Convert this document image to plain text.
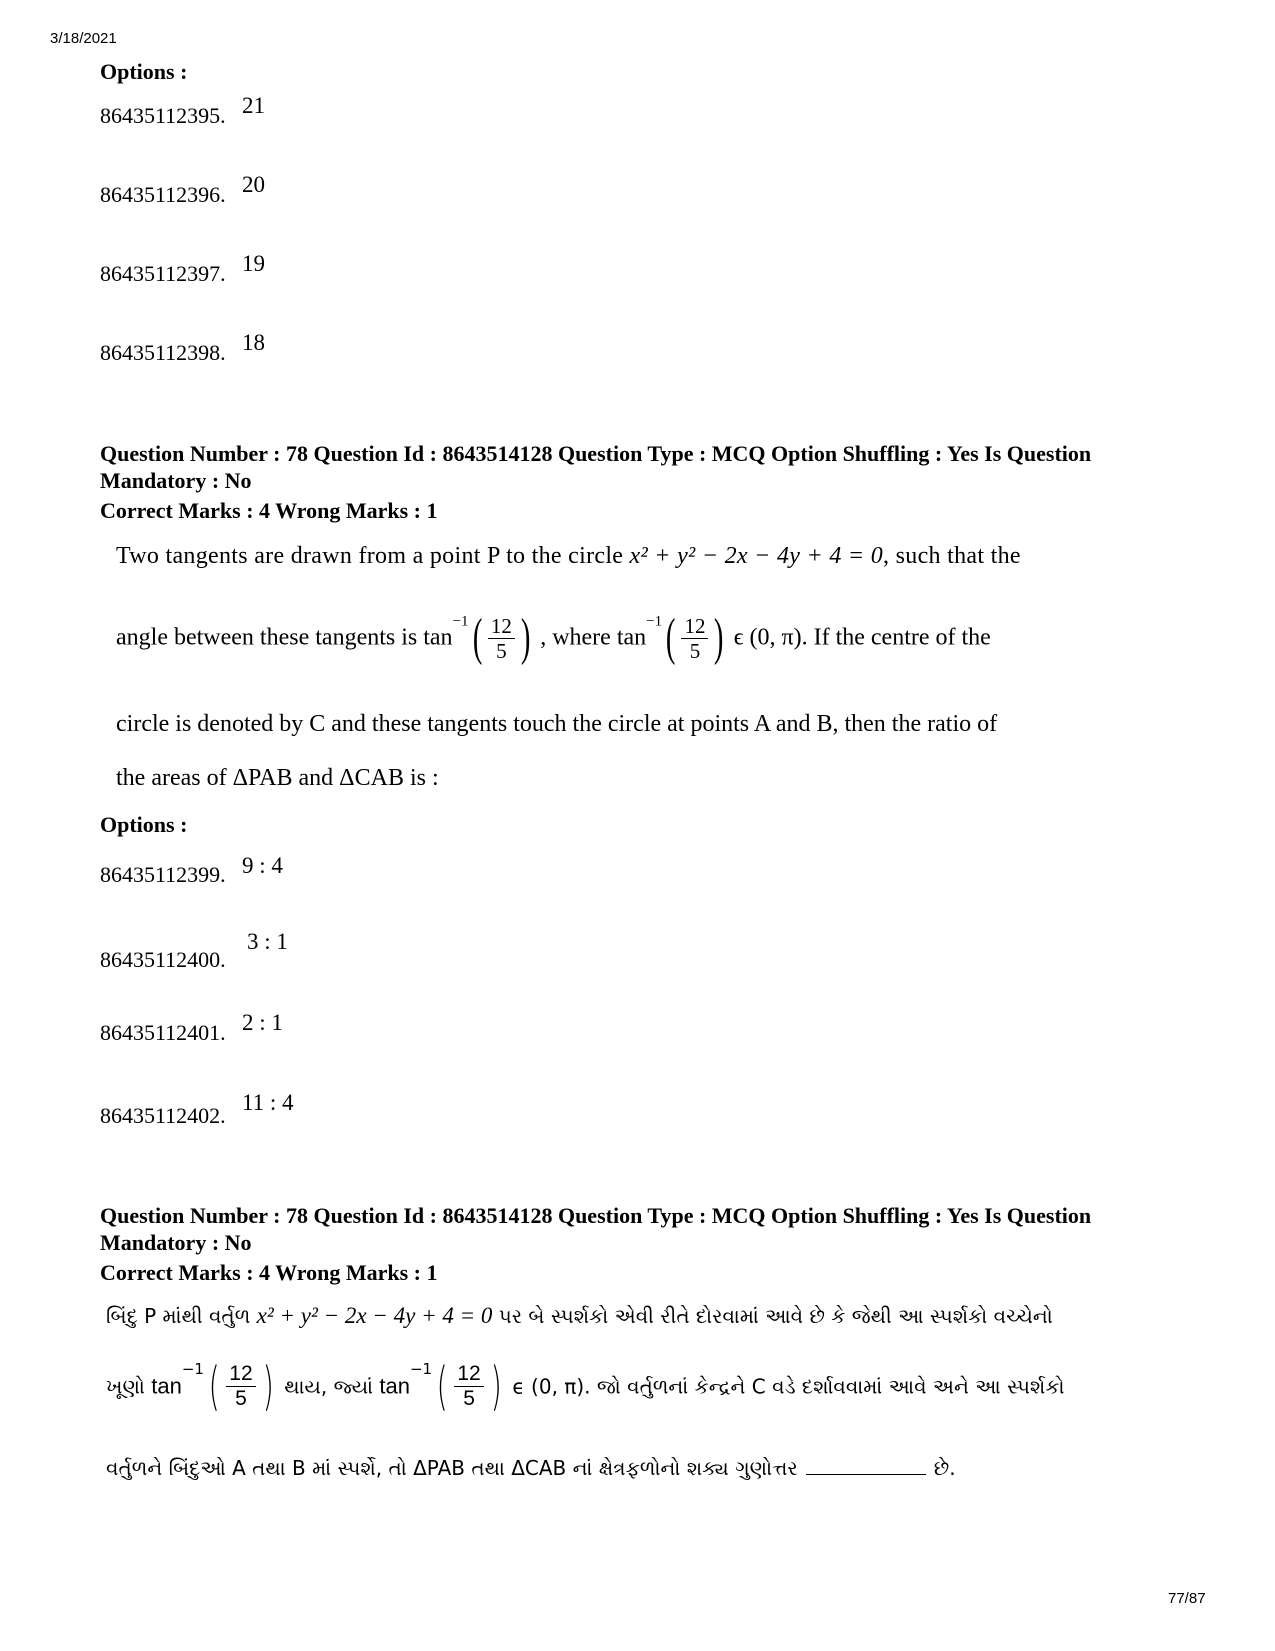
3/18/2021
Options :
86435112395. 21
86435112396. 20
86435112397. 19
86435112398. 18
Question Number : 78 Question Id : 8643514128 Question Type : MCQ Option Shuffling : Yes Is Question
Mandatory : No
Correct Marks : 4 Wrong Marks : 1
Two tangents are drawn from a point P to the circle x² + y² − 2x − 4y + 4 = 0, such that the
angle between these tangents is $\tan^{-1}( \frac{12}{5}$ ) , where $\tan^{-1}( \frac{12}{5}$ ) ϵ (0, π). If the centre of the
circle is denoted by C and these tangents touch the circle at points A and B, then the ratio of
the areas of ΔPAB and ΔCAB is :
Options :
86435112399. 9 : 4
86435112400.
3 : 1
86435112401. 2 : 1
86435112402.
11 : 4
Question Number : 78 Question Id : 8643514128 Question Type : MCQ Option Shuffling : Yes Is Question
Mandatory : No
Correct Marks : 4 Wrong Marks : 1
બિંદુ P માંથી વર્તુળ x² + y² − 2x − 4y + 4 = 0 પર બે સ્પર્શકો એવી રીતે દોરવામાં આવે છે કે જેથી આ સ્પર્શકો વચ્ચેનો
ખૂણો $\tan^{-1}( \frac{12}{5}$ ) થાય, જ્યાં $\tan^{-1}( \frac{12}{5}$ ) ϵ (0, π). જો વર્તુળનાં કેન્દ્રને C વડે દર્શાવવામાં આવે અને આ સ્પર્શકો
વર્તુળને બિંદુઓ A તથા B માં સ્પર્શે, તો ΔPAB તથા ΔCAB નાં ક્ષેત્રફળોનો શક્ય ગુણોત્તર	છે.
77/87
